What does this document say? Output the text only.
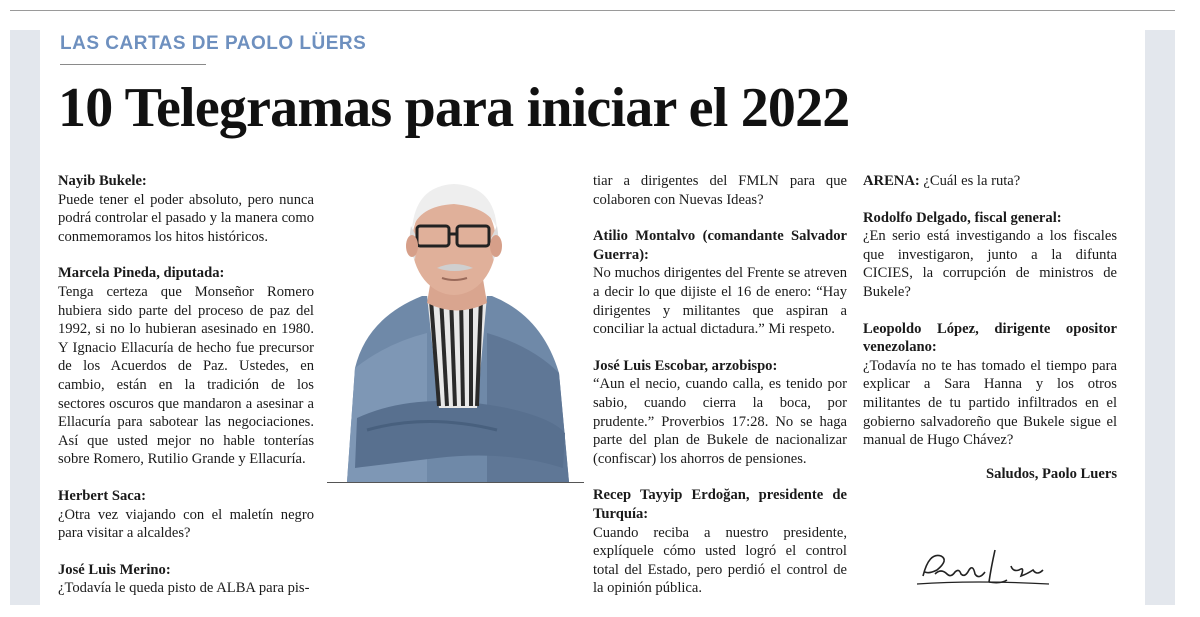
LAS CARTAS DE PAOLO LÜERS
10 Telegramas para iniciar el 2022
Nayib Bukele:
Puede tener el poder absoluto, pero nunca podrá controlar el pasado y la manera como conmemoramos los hitos históricos.
Marcela Pineda, diputada:
Tenga certeza que Monseñor Romero hubiera sido parte del proceso de paz del 1992, si no lo hubieran asesinado en 1980. Y Ignacio Ellacuría de hecho fue precursor de los Acuerdos de Paz. Ustedes, en cambio, están en la tradición de los sectores oscuros que mandaron a asesinar a Ellacuría para sabotear las negociaciones. Así que usted mejor no hable tonterías sobre Romero, Rutilio Grande y Ellacuría.
Herbert Saca:
¿Otra vez viajando con el maletín negro para visitar a alcaldes?
José Luis Merino:
¿Todavía le queda pisto de ALBA para pis-
tiar a dirigentes del FMLN para que colaboren con Nuevas Ideas?
Atilio Montalvo (comandante Salvador Guerra):
No muchos dirigentes del Frente se atreven a decir lo que dijiste el 16 de enero: “Hay dirigentes y militantes que aspiran a conciliar la actual dictadura.” Mi respeto.
José Luis Escobar, arzobispo:
“Aun el necio, cuando calla, es tenido por sabio, cuando cierra la boca, por prudente.” Proverbios 17:28. No se haga parte del plan de Bukele de nacionalizar (confiscar) los ahorros de pensiones.
Recep Tayyip Erdoğan, presidente de Turquía:
Cuando reciba a nuestro presidente, explíquele cómo usted logró el control total del Estado, pero perdió el control de la opinión pública.
ARENA: ¿Cuál es la ruta?
Rodolfo Delgado, fiscal general:
¿En serio está investigando a los fiscales que investigaron, junto a la difunta CICIES, la corrupción de ministros de Bukele?
Leopoldo López, dirigente opositor venezolano:
¿Todavía no te has tomado el tiempo para explicar a Sara Hanna y los otros militantes de tu partido infiltrados en el gobierno salvadoreño que Bukele sigue el manual de Hugo Chávez?
Saludos, Paolo Luers
